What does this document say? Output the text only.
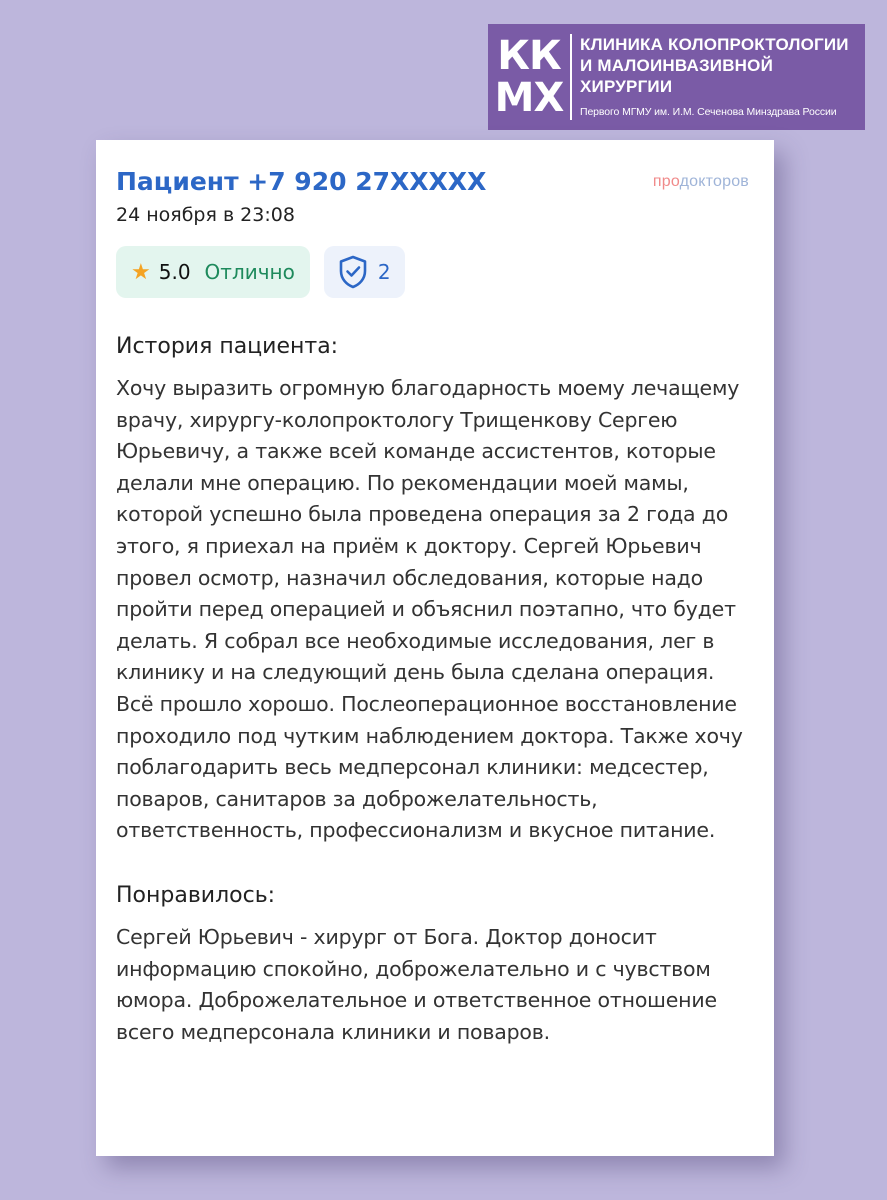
КК
МХ
КЛИНИКА КОЛОПРОКТОЛОГИИ
И МАЛОИНВАЗИВНОЙ
ХИРУРГИИ
Первого МГМУ им. И.М. Сеченова Минздрава России
Пациент +7 920 27XXXXX
24 ноября в 23:08
продокторов
★ 5.0 Отлично	2
История пациента:

Хочу выразить огромную благодарность моему лечащему врачу, хирургу-колопроктологу Трищенкову Сергею Юрьевичу, а также всей команде ассистентов, которые делали мне операцию. По рекомендации моей мамы, которой успешно была проведена операция за 2 года до этого, я приехал на приём к доктору. Сергей Юрьевич провел осмотр, назначил обследования, которые надо пройти перед операцией и объяснил поэтапно, что будет делать. Я собрал все необходимые исследования, лег в клинику и на следующий день была сделана операция. Всё прошло хорошо. Послеоперационное восстановление проходило под чутким наблюдением доктора. Также хочу поблагодарить весь медперсонал клиники: медсестер, поваров, санитаров за доброжелательность, ответственность, профессионализм и вкусное питание.

Понравилось:

Сергей Юрьевич - хирург от Бога. Доктор доносит информацию спокойно, доброжелательно и с чувством юмора. Доброжелательное и ответственное отношение всего медперсонала клиники и поваров.
